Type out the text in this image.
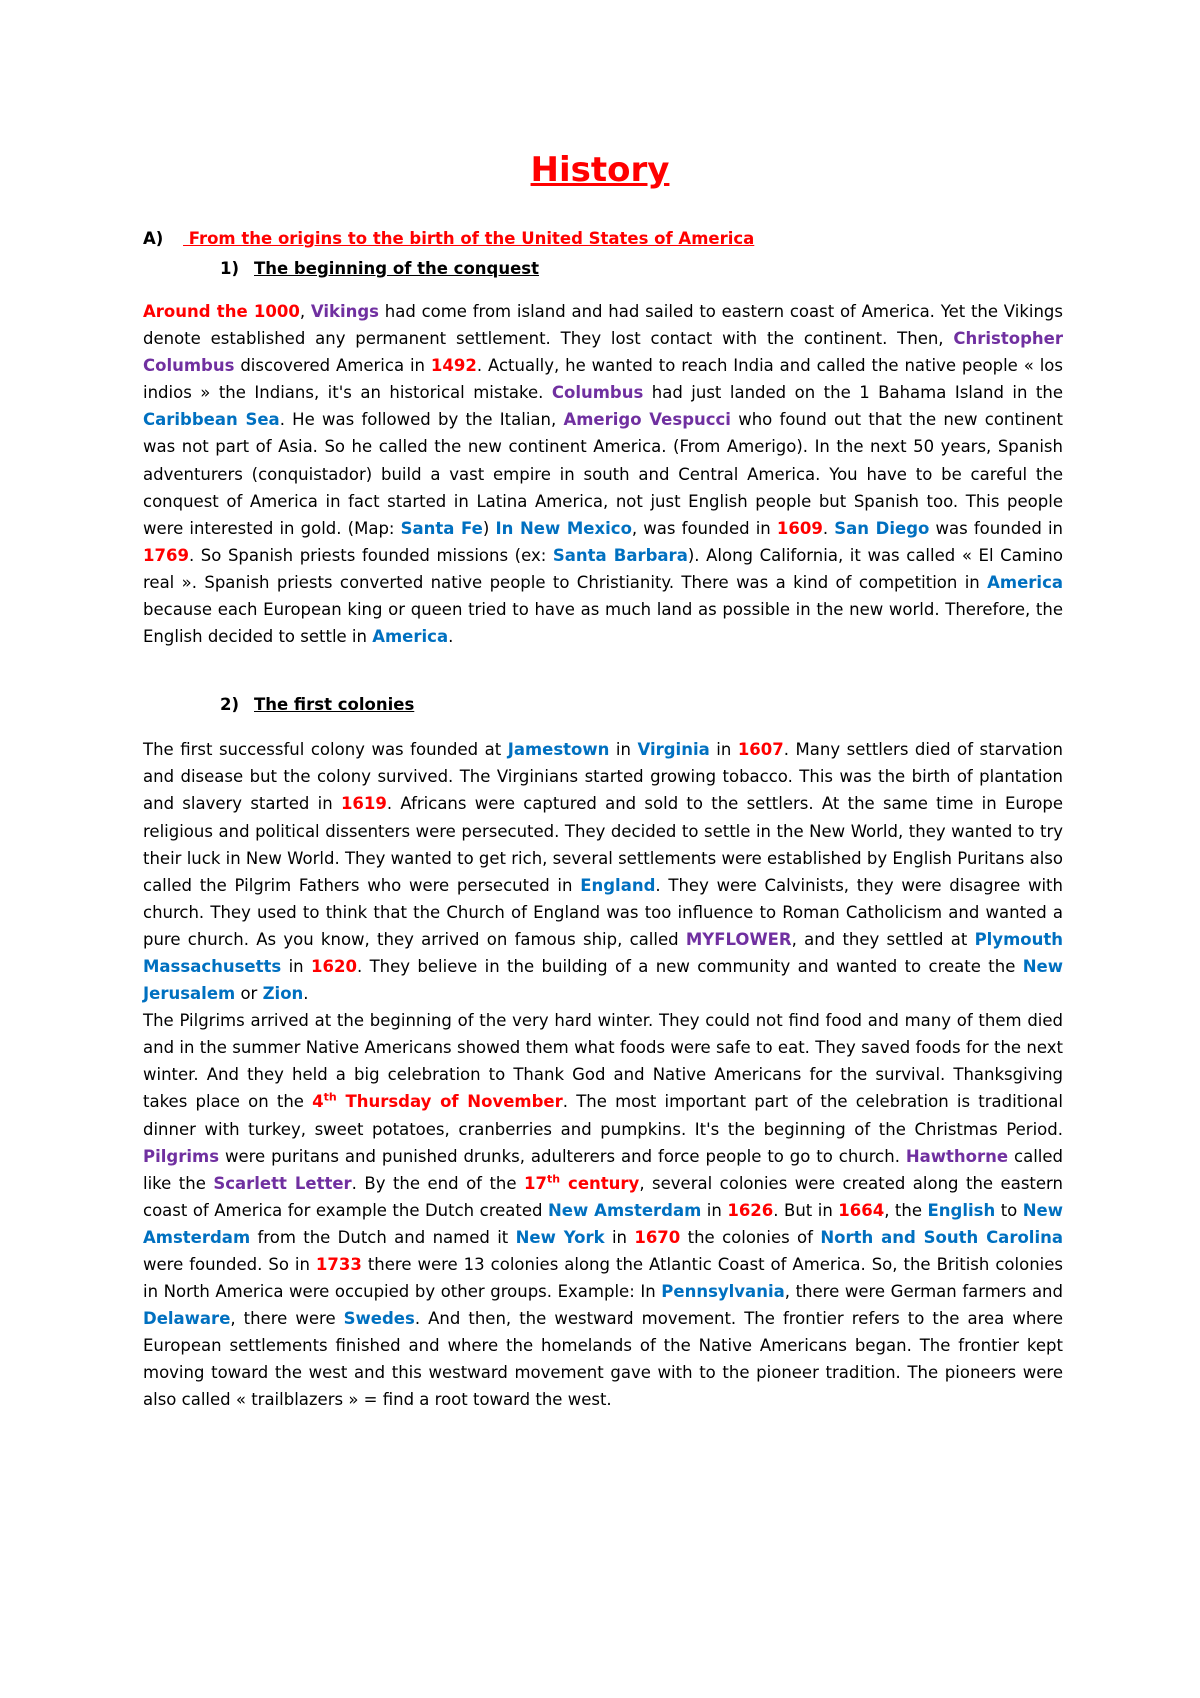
History
A) From the origins to the birth of the United States of America
1) The beginning of the conquest
Around the 1000, Vikings had come from island and had sailed to eastern coast of America. Yet the Vikings denote established any permanent settlement. They lost contact with the continent. Then, Christopher Columbus discovered America in 1492. Actually, he wanted to reach India and called the native people « los indios » the Indians, it's an historical mistake. Columbus had just landed on the 1 Bahama Island in the Caribbean Sea. He was followed by the Italian, Amerigo Vespucci who found out that the new continent was not part of Asia. So he called the new continent America. (From Amerigo). In the next 50 years, Spanish adventurers (conquistador) build a vast empire in south and Central America. You have to be careful the conquest of America in fact started in Latina America, not just English people but Spanish too. This people were interested in gold. (Map: Santa Fe) In New Mexico, was founded in 1609. San Diego was founded in 1769. So Spanish priests founded missions (ex: Santa Barbara). Along California, it was called « El Camino real ». Spanish priests converted native people to Christianity. There was a kind of competition in America because each European king or queen tried to have as much land as possible in the new world. Therefore, the English decided to settle in America.
2) The first colonies
The first successful colony was founded at Jamestown in Virginia in 1607. Many settlers died of starvation and disease but the colony survived. The Virginians started growing tobacco. This was the birth of plantation and slavery started in 1619. Africans were captured and sold to the settlers. At the same time in Europe religious and political dissenters were persecuted. They decided to settle in the New World, they wanted to try their luck in New World. They wanted to get rich, several settlements were established by English Puritans also called the Pilgrim Fathers who were persecuted in England. They were Calvinists, they were disagree with church. They used to think that the Church of England was too influence to Roman Catholicism and wanted a pure church. As you know, they arrived on famous ship, called MYFLOWER, and they settled at Plymouth Massachusetts in 1620. They believe in the building of a new community and wanted to create the New Jerusalem or Zion.
The Pilgrims arrived at the beginning of the very hard winter. They could not find food and many of them died and in the summer Native Americans showed them what foods were safe to eat. They saved foods for the next winter. And they held a big celebration to Thank God and Native Americans for the survival. Thanksgiving takes place on the 4th Thursday of November. The most important part of the celebration is traditional dinner with turkey, sweet potatoes, cranberries and pumpkins. It's the beginning of the Christmas Period. Pilgrims were puritans and punished drunks, adulterers and force people to go to church. Hawthorne called like the Scarlett Letter. By the end of the 17th century, several colonies were created along the eastern coast of America for example the Dutch created New Amsterdam in 1626. But in 1664, the English to New Amsterdam from the Dutch and named it New York in 1670 the colonies of North and South Carolina were founded. So in 1733 there were 13 colonies along the Atlantic Coast of America. So, the British colonies in North America were occupied by other groups. Example: In Pennsylvania, there were German farmers and Delaware, there were Swedes. And then, the westward movement. The frontier refers to the area where European settlements finished and where the homelands of the Native Americans began. The frontier kept moving toward the west and this westward movement gave with to the pioneer tradition. The pioneers were also called « trailblazers » = find a root toward the west.
